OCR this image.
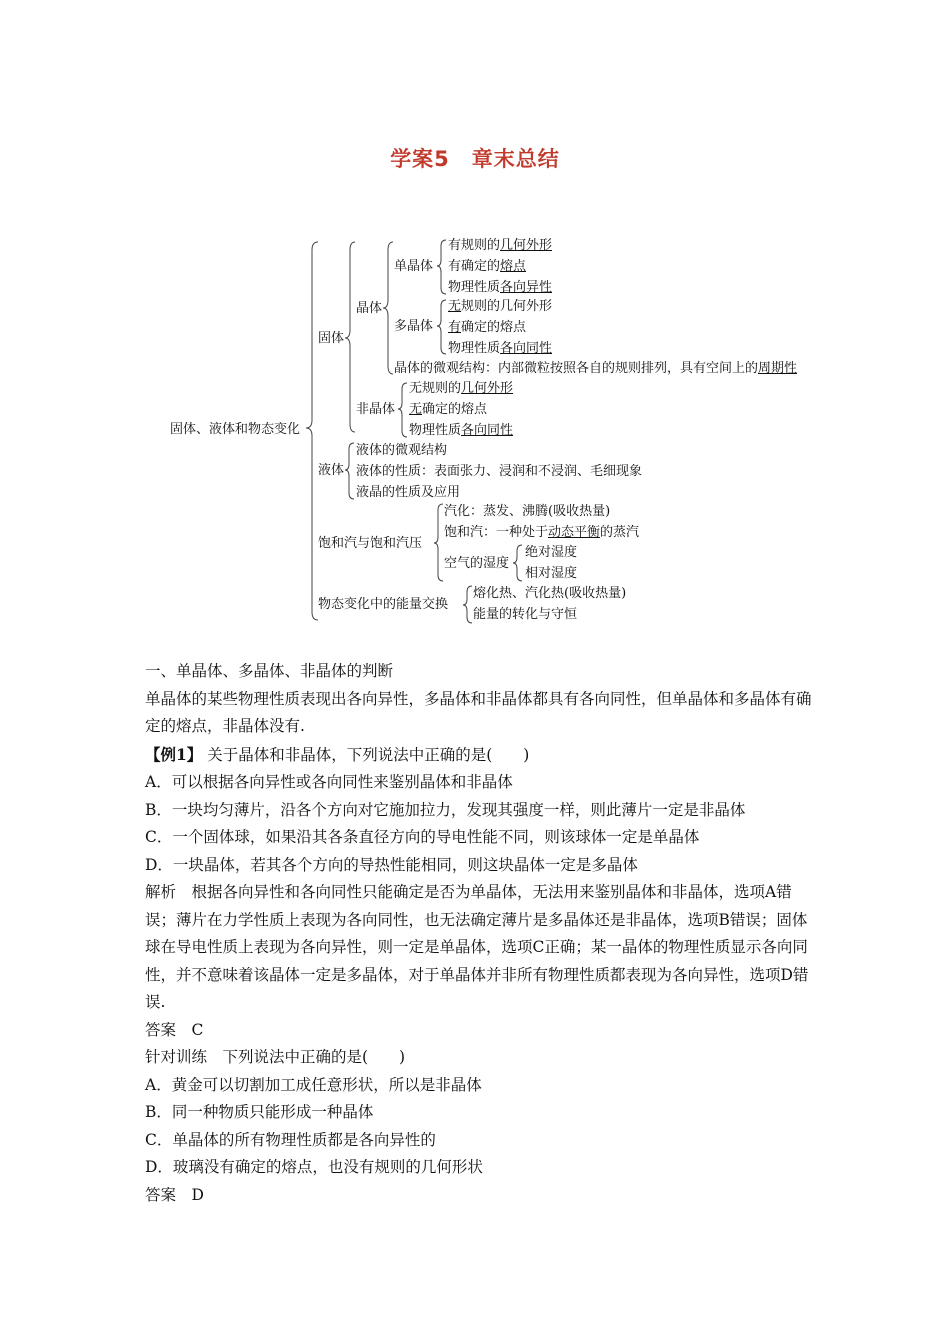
学案5　章末总结
固体、液体和物态变化
固体
晶体
单晶体
有规则的几何外形
有确定的熔点
物理性质各向异性
多晶体
无规则的几何外形
有确定的熔点
物理性质各向同性
晶体的微观结构：内部微粒按照各自的规则排列，具有空间上的周期性
非晶体
无规则的几何外形
无确定的熔点
物理性质各向同性
液体
液体的微观结构
液体的性质：表面张力、浸润和不浸润、毛细现象
液晶的性质及应用
饱和汽与饱和汽压
汽化：蒸发、沸腾(吸收热量)
饱和汽：一种处于动态平衡的蒸汽
空气的湿度
绝对湿度
相对湿度
物态变化中的能量交换
熔化热、汽化热(吸收热量)
能量的转化与守恒

一、单晶体、多晶体、非晶体的判断

单晶体的某些物理性质表现出各向异性，多晶体和非晶体都具有各向同性，但单晶体和多晶体有确定的熔点，非晶体没有.

【例1】 关于晶体和非晶体，下列说法中正确的是(　　)

A．可以根据各向异性或各向同性来鉴别晶体和非晶体

B．一块均匀薄片，沿各个方向对它施加拉力，发现其强度一样，则此薄片一定是非晶体

C．一个固体球，如果沿其各条直径方向的导电性能不同，则该球体一定是单晶体

D．一块晶体，若其各个方向的导热性能相同，则这块晶体一定是多晶体

解析　根据各向异性和各向同性只能确定是否为单晶体，无法用来鉴别晶体和非晶体，选项A错误；薄片在力学性质上表现为各向同性，也无法确定薄片是多晶体还是非晶体，选项B错误；固体球在导电性质上表现为各向异性，则一定是单晶体，选项C正确；某一晶体的物理性质显示各向同性，并不意味着该晶体一定是多晶体，对于单晶体并非所有物理性质都表现为各向异性，选项D错误.

答案　C

针对训练　下列说法中正确的是(　　)

A．黄金可以切割加工成任意形状，所以是非晶体

B．同一种物质只能形成一种晶体

C．单晶体的所有物理性质都是各向异性的

D．玻璃没有确定的熔点，也没有规则的几何形状

答案　D
